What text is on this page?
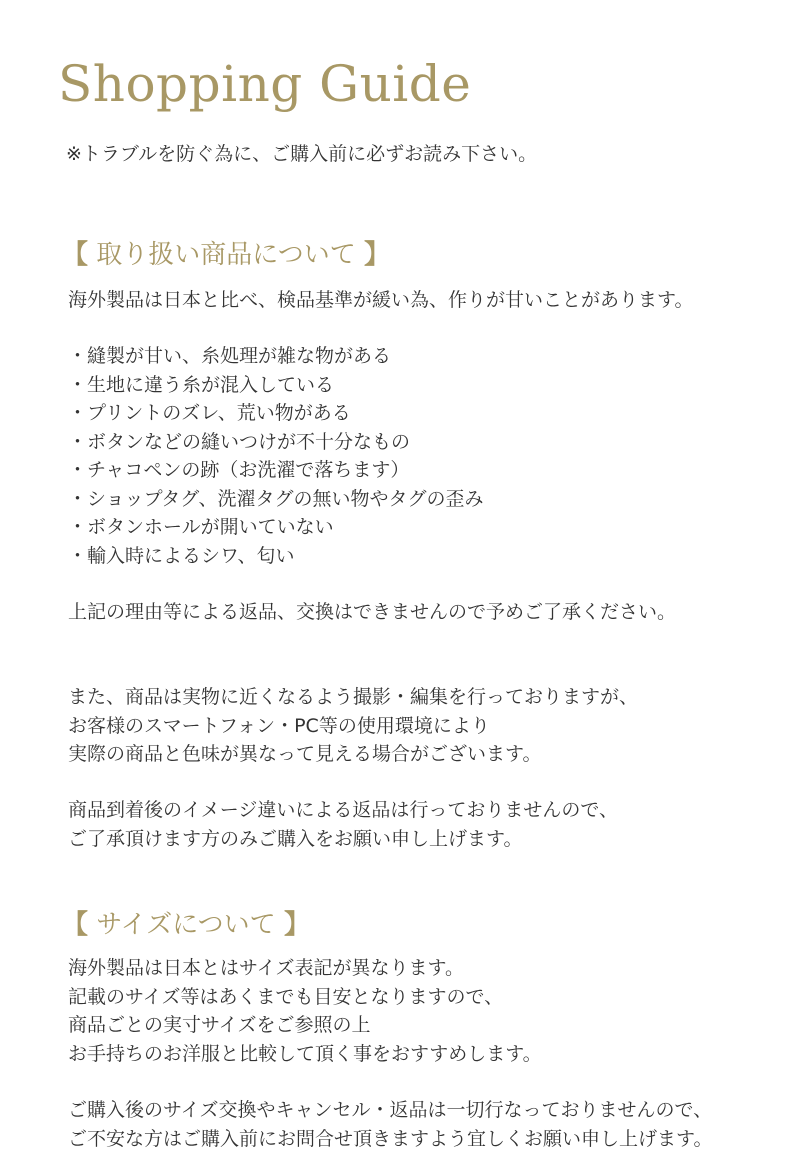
Shopping Guide
※トラブルを防ぐ為に、ご購入前に必ずお読み下さい。
【 取り扱い商品について 】

海外製品は日本と比べ、検品基準が緩い為、作りが甘いことがあります。

・縫製が甘い、糸処理が雑な物がある
・生地に違う糸が混入している
・プリントのズレ、荒い物がある
・ボタンなどの縫いつけが不十分なもの
・チャコペンの跡（お洗濯で落ちます）
・ショップタグ、洗濯タグの無い物やタグの歪み
・ボタンホールが開いていない
・輸入時によるシワ、匂い

上記の理由等による返品、交換はできませんので予めご了承ください。

また、商品は実物に近くなるよう撮影・編集を行っておりますが、

お客様のスマートフォン・PC等の使用環境により

実際の商品と色味が異なって見える場合がございます。

商品到着後のイメージ違いによる返品は行っておりませんので、

ご了承頂けます方のみご購入をお願い申し上げます。

【 サイズについて 】

海外製品は日本とはサイズ表記が異なります。

記載のサイズ等はあくまでも目安となりますので、

商品ごとの実寸サイズをご参照の上

お手持ちのお洋服と比較して頂く事をおすすめします。

ご購入後のサイズ交換やキャンセル・返品は一切行なっておりませんので、

ご不安な方はご購入前にお問合せ頂きますよう宜しくお願い申し上げます。
